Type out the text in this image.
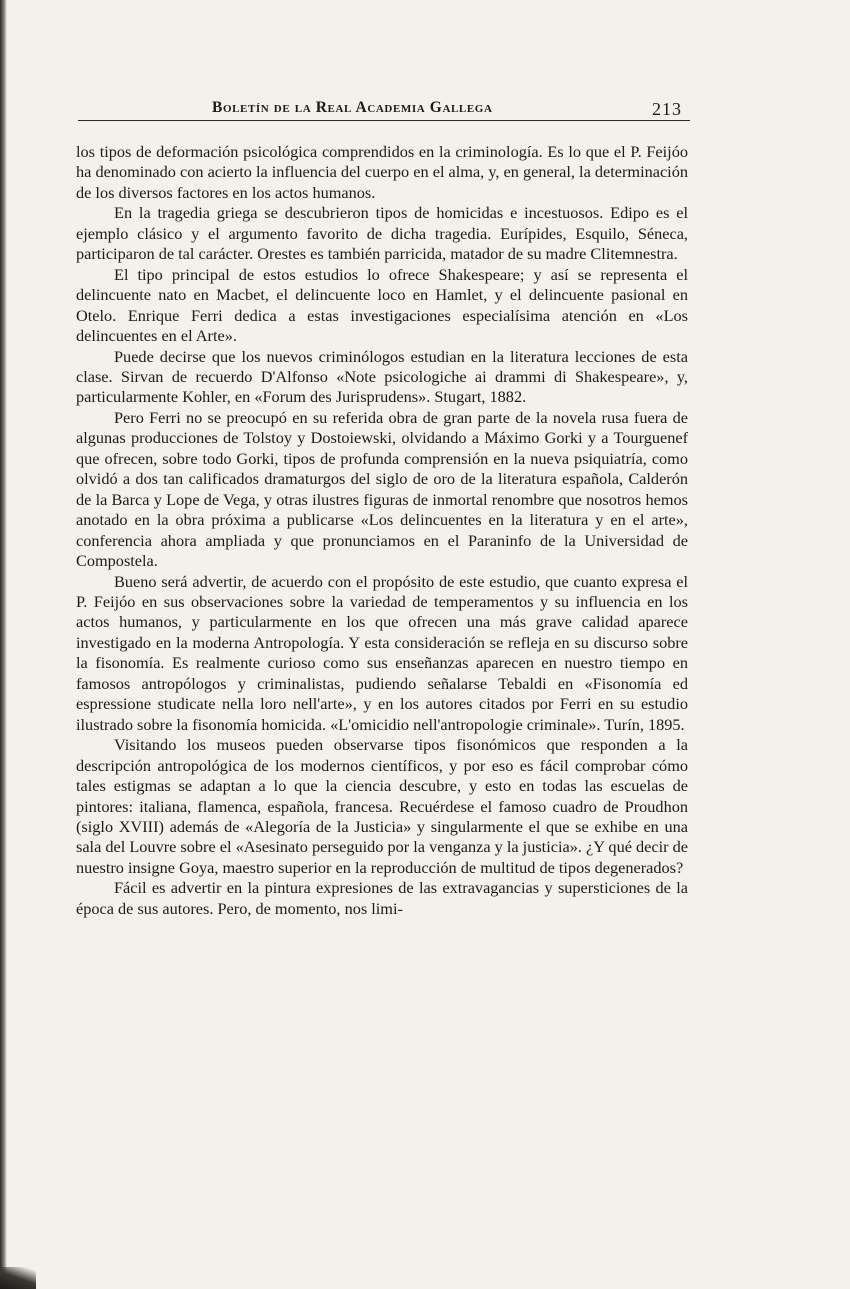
Boletín de la Real Academia Gallega	213

los tipos de deformación psicológica comprendidos en la criminología. Es lo que el P. Feijóo ha denominado con acierto la influencia del cuerpo en el alma, y, en general, la determinación de los diversos factores en los actos humanos.

En la tragedia griega se descubrieron tipos de homicidas e incestuosos. Edipo es el ejemplo clásico y el argumento favorito de dicha tragedia. Eurípides, Esquilo, Séneca, participaron de tal carácter. Orestes es también parricida, matador de su madre Clitemnestra.

El tipo principal de estos estudios lo ofrece Shakespeare; y así se representa el delincuente nato en Macbet, el delincuente loco en Hamlet, y el delincuente pasional en Otelo. Enrique Ferri dedica a estas investigaciones especialísima atención en «Los delincuentes en el Arte».

Puede decirse que los nuevos criminólogos estudian en la literatura lecciones de esta clase. Sirvan de recuerdo D'Alfonso «Note psicologiche ai drammi di Shakespeare», y, particularmente Kohler, en «Forum des Jurisprudens». Stugart, 1882.

Pero Ferri no se preocupó en su referida obra de gran parte de la novela rusa fuera de algunas producciones de Tolstoy y Dostoiewski, olvidando a Máximo Gorki y a Tourguenef que ofrecen, sobre todo Gorki, tipos de profunda comprensión en la nueva psiquiatría, como olvidó a dos tan calificados dramaturgos del siglo de oro de la literatura española, Calderón de la Barca y Lope de Vega, y otras ilustres figuras de inmortal renombre que nosotros hemos anotado en la obra próxima a publicarse «Los delincuentes en la literatura y en el arte», conferencia ahora ampliada y que pronunciamos en el Paraninfo de la Universidad de Compostela.

Bueno será advertir, de acuerdo con el propósito de este estudio, que cuanto expresa el P. Feijóo en sus observaciones sobre la variedad de temperamentos y su influencia en los actos humanos, y particularmente en los que ofrecen una más grave calidad aparece investigado en la moderna Antropología. Y esta consideración se refleja en su discurso sobre la fisonomía. Es realmente curioso como sus enseñanzas aparecen en nuestro tiempo en famosos antropólogos y criminalistas, pudiendo señalarse Tebaldi en «Fisonomía ed espressione studicate nella loro nell'arte», y en los autores citados por Ferri en su estudio ilustrado sobre la fisonomía homicida. «L'omicidio nell'antropologie criminale». Turín, 1895.

Visitando los museos pueden observarse tipos fisonómicos que responden a la descripción antropológica de los modernos científicos, y por eso es fácil comprobar cómo tales estigmas se adaptan a lo que la ciencia descubre, y esto en todas las escuelas de pintores: italiana, flamenca, española, francesa. Recuérdese el famoso cuadro de Proudhon (siglo XVIII) además de «Alegoría de la Justicia» y singularmente el que se exhibe en una sala del Louvre sobre el «Asesinato perseguido por la venganza y la justicia». ¿Y qué decir de nuestro insigne Goya, maestro superior en la reproducción de multitud de tipos degenerados?

Fácil es advertir en la pintura expresiones de las extravagancias y supersticiones de la época de sus autores. Pero, de momento, nos limi-
